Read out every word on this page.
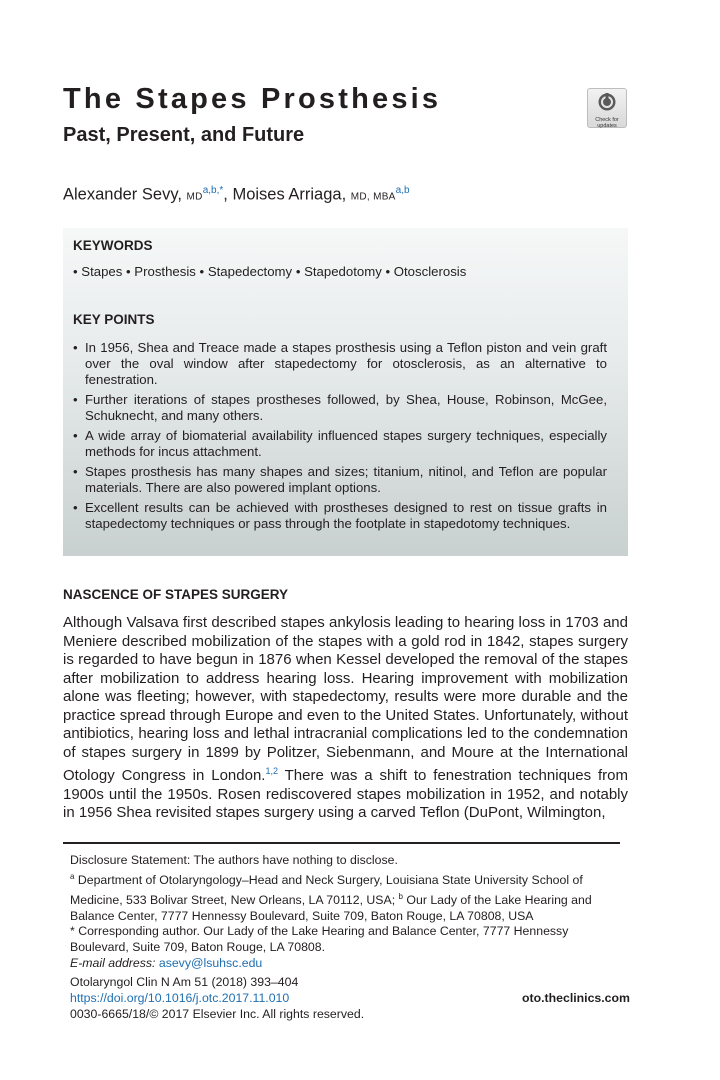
The Stapes Prosthesis
Past, Present, and Future
Check for updates
Alexander Sevy, $MD^{a,b,*}$, Moises Arriaga, MD, MBA$^{a,b}$
KEYWORDS
• Stapes • Prosthesis • Stapedectomy • Stapedotomy • Otosclerosis
KEY POINTS
• In 1956, Shea and Treace made a stapes prosthesis using a Teflon piston and vein graft over the oval window after stapedectomy for otosclerosis, as an alternative to fenestration.
• Further iterations of stapes prostheses followed, by Shea, House, Robinson, McGee, Schuknecht, and many others.
• A wide array of biomaterial availability influenced stapes surgery techniques, especially methods for incus attachment.
• Stapes prosthesis has many shapes and sizes; titanium, nitinol, and Teflon are popular materials. There are also powered implant options.
• Excellent results can be achieved with prostheses designed to rest on tissue grafts in stapedectomy techniques or pass through the footplate in stapedotomy techniques.
NASCENCE OF STAPES SURGERY

Although Valsava first described stapes ankylosis leading to hearing loss in 1703 and Meniere described mobilization of the stapes with a gold rod in 1842, stapes surgery is regarded to have begun in 1876 when Kessel developed the removal of the stapes after mobilization to address hearing loss. Hearing improvement with mobilization alone was fleeting; however, with stapedectomy, results were more durable and the practice spread through Europe and even to the United States. Unfortunately, without antibiotics, hearing loss and lethal intracranial complications led to the condemnation of stapes surgery in 1899 by Politzer, Siebenmann, and Moure at the International Otology Congress in London.$^{1,2}$ There was a shift to fenestration techniques from 1900s until the 1950s. Rosen rediscovered stapes mobilization in 1952, and notably in 1956 Shea revisited stapes surgery using a carved Teflon (DuPont, Wilmington,

Disclosure Statement: The authors have nothing to disclose.

$^a$ Department of Otolaryngology–Head and Neck Surgery, Louisiana State University School of Medicine, 533 Bolivar Street, New Orleans, LA 70112, USA; $^b$ Our Lady of the Lake Hearing and Balance Center, 7777 Hennessy Boulevard, Suite 709, Baton Rouge, LA 70808, USA

* Corresponding author. Our Lady of the Lake Hearing and Balance Center, 7777 Hennessy Boulevard, Suite 709, Baton Rouge, LA 70808.

E-mail address: asevy@lsuhsc.edu

Otolaryngol Clin N Am 51 (2018) 393–404

https://doi.org/10.1016/j.otc.2017.11.010

0030-6665/18/© 2017 Elsevier Inc. All rights reserved.

oto.theclinics.com
